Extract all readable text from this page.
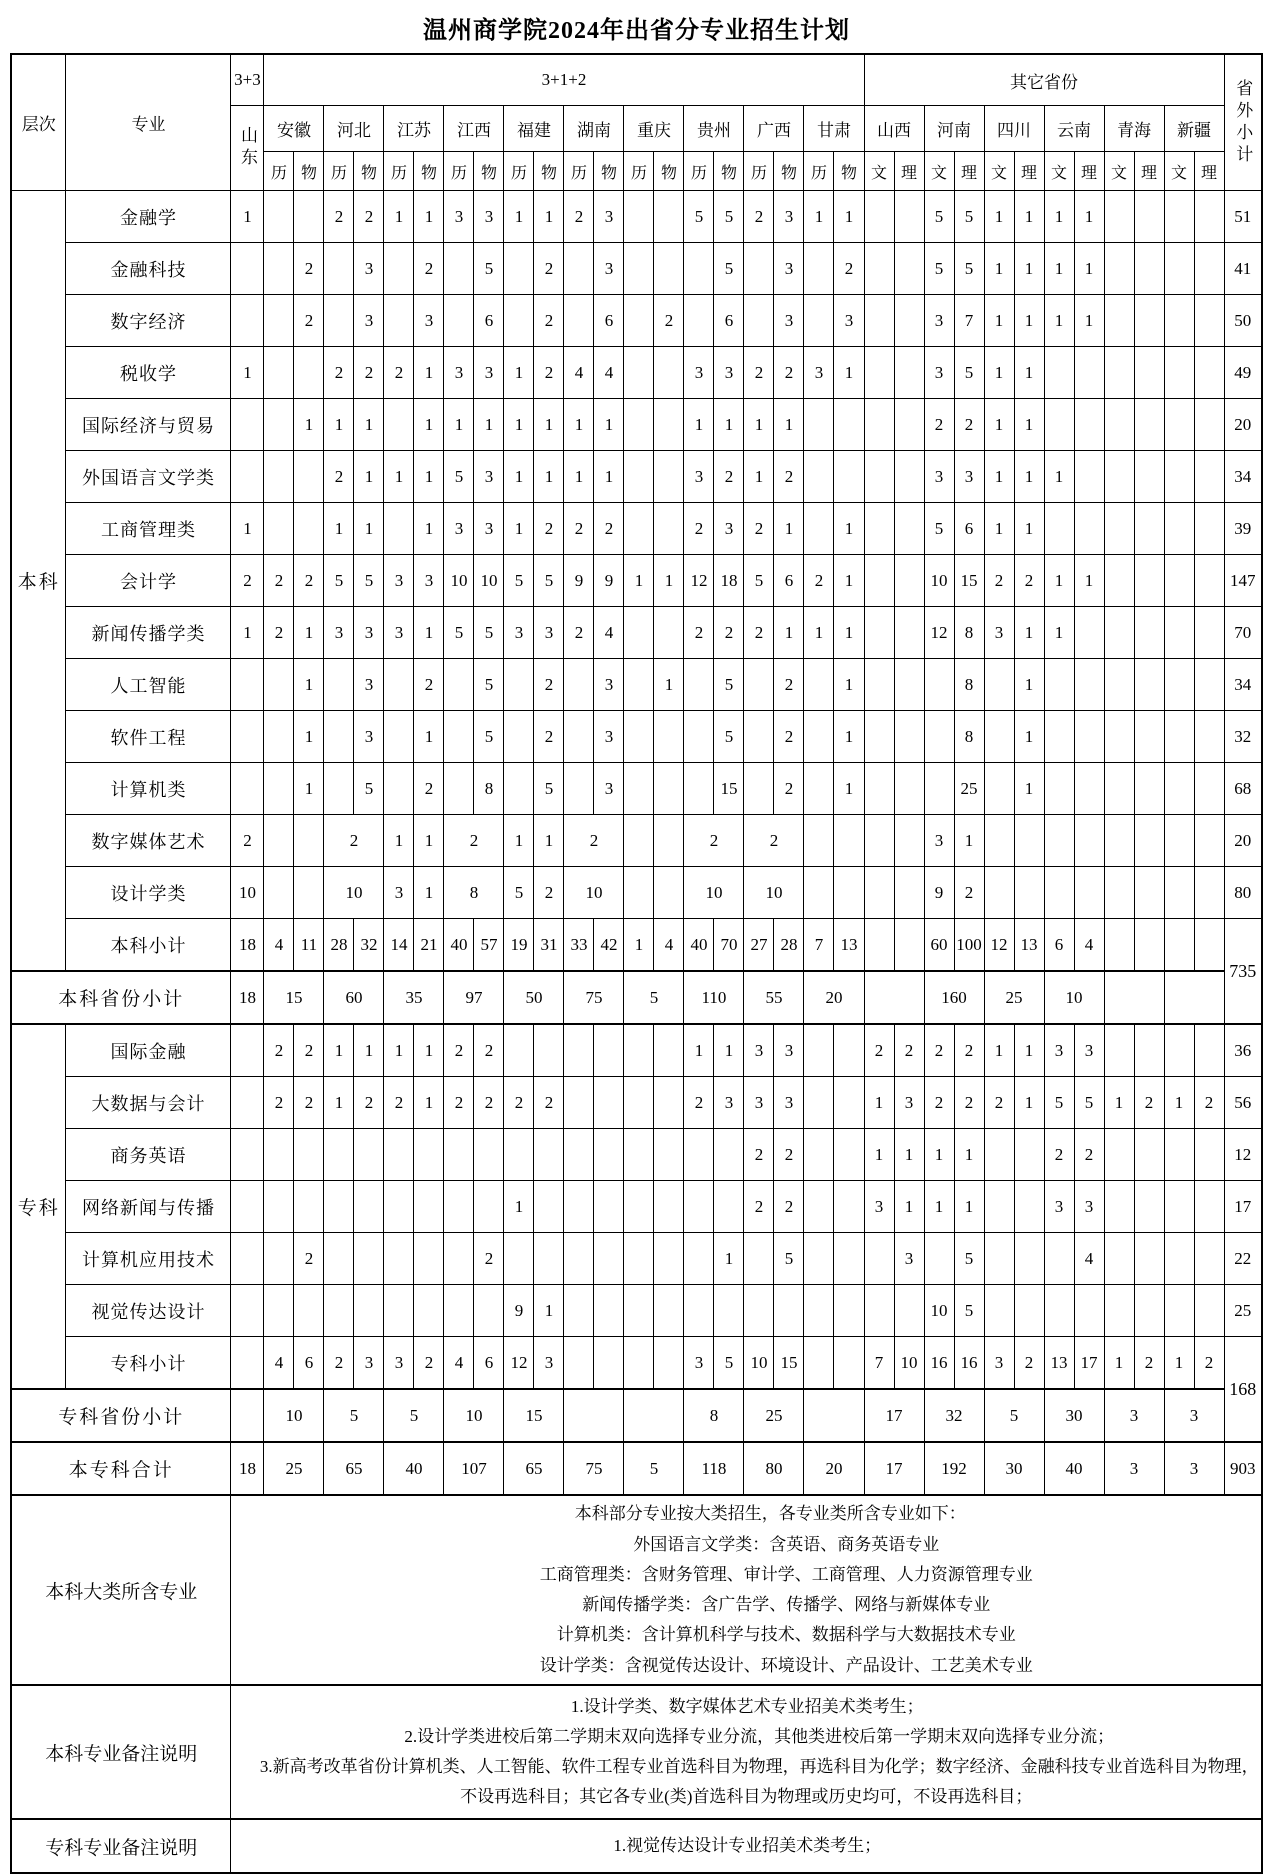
温州商学院2024年出省分专业招生计划
层次	专业	3+3	3+1+2																				其它省份												省外小计

		山东	安徽		河北		江苏		江西		福建		湖南		重庆		贵州		广西		甘肃		山西		河南		四川		云南		青海		新疆		
			历	物	历	物	历	物	历	物	历	物	历	物	历	物	历	物	历	物	历	物	文	理	文	理	文	理	文	理	文	理	文	理	
本科	金融学	1			2	2	1	1	3	3	1	1	2	3			5	5	2	3	1	1			5	5	1	1	1	1					51
	金融科技			2		3		2		5		2		3				5		3		2			5	5	1	1	1	1					41
	数字经济			2		3		3		6		2		6		2		6		3		3			3	7	1	1	1	1					50
	税收学	1			2	2	2	1	3	3	1	2	4	4			3	3	2	2	3	1			3	5	1	1							49
	国际经济与贸易			1	1	1		1	1	1	1	1	1	1			1	1	1	1					2	2	1	1							20
	外国语言文学类				2	1	1	1	5	3	1	1	1	1			3	2	1	2					3	3	1	1	1						34
	工商管理类	1			1	1		1	3	3	1	2	2	2			2	3	2	1		1			5	6	1	1							39
	会计学	2	2	2	5	5	3	3	10	10	5	5	9	9	1	1	12	18	5	6	2	1			10	15	2	2	1	1					147
	新闻传播学类	1	2	1	3	3	3	1	5	5	3	3	2	4			2	2	2	1	1	1			12	8	3	1	1						70
	人工智能			1		3		2		5		2		3		1		5		2		1				8		1							34
	软件工程			1		3		1		5		2		3				5		2		1				8		1							32
	计算机类			1		5		2		8		5		3				15		2		1				25		1							68
	数字媒体艺术	2			2		1	1	2		1	1	2				2		2						3	1									20
	设计学类	10			10		3	1	8		5	2	10				10		10						9	2									80
	本科小计	18	4	11	28	32	14	21	40	57	19	31	33	42	1	4	40	70	27	28	7	13			60	100	12	13	6	4					735
本科省份小计		18	15		60		35		97		50		75		5		110		55		20				160		25		10						
专科	国际金融		2	2	1	1	1	1	2	2							1	1	3	3			2	2	2	2	1	1	3	3					36
	大数据与会计		2	2	1	2	2	1	2	2	2	2					2	3	3	3			1	3	2	2	2	1	5	5	1	2	1	2	56
	商务英语																		2	2			1	1	1	1			2	2					12
	网络新闻与传播										1								2	2			3	1	1	1			3	3					17
	计算机应用技术			2						2								1		5				3		5				4					22
	视觉传达设计										9	1													10	5									25
	专科小计		4	6	2	3	3	2	4	6	12	3					3	5	10	15			7	10	16	16	3	2	13	17	1	2	1	2	168
专科省份小计			10		5		5		10		15						8		25				17		32		5		30		3		3		
本专科合计		18	25		65		40		107		65		75		5		118		80		20		17		192		30		40		3		3		903
本科大类所含专业	
本科部分专业按大类招生，各专业类所含专业如下：
外国语言文学类：含英语、商务英语专业
工商管理类：含财务管理、审计学、工商管理、人力资源管理专业
新闻传播学类：含广告学、传播学、网络与新媒体专业
计算机类：含计算机科学与技术、数据科学与大数据技术专业
设计学类：含视觉传达设计、环境设计、产品设计、工艺美术专业

本科专业备注说明		1.设计学类、数字媒体艺术专业招美术类考生；
2.设计学类进校后第二学期末双向选择专业分流，其他类进校后第一学期末双向选择专业分流；
3.新高考改革省份计算机类、人工智能、软件工程专业首选科目为物理，再选科目为化学；数字经济、金融科技专业首选科目为物理，不设再选科目；其它各专业(类)首选科目为物理或历史均可，不设再选科目；																																	

专科专业备注说明		1.视觉传达设计专业招美术类考生；																																	
